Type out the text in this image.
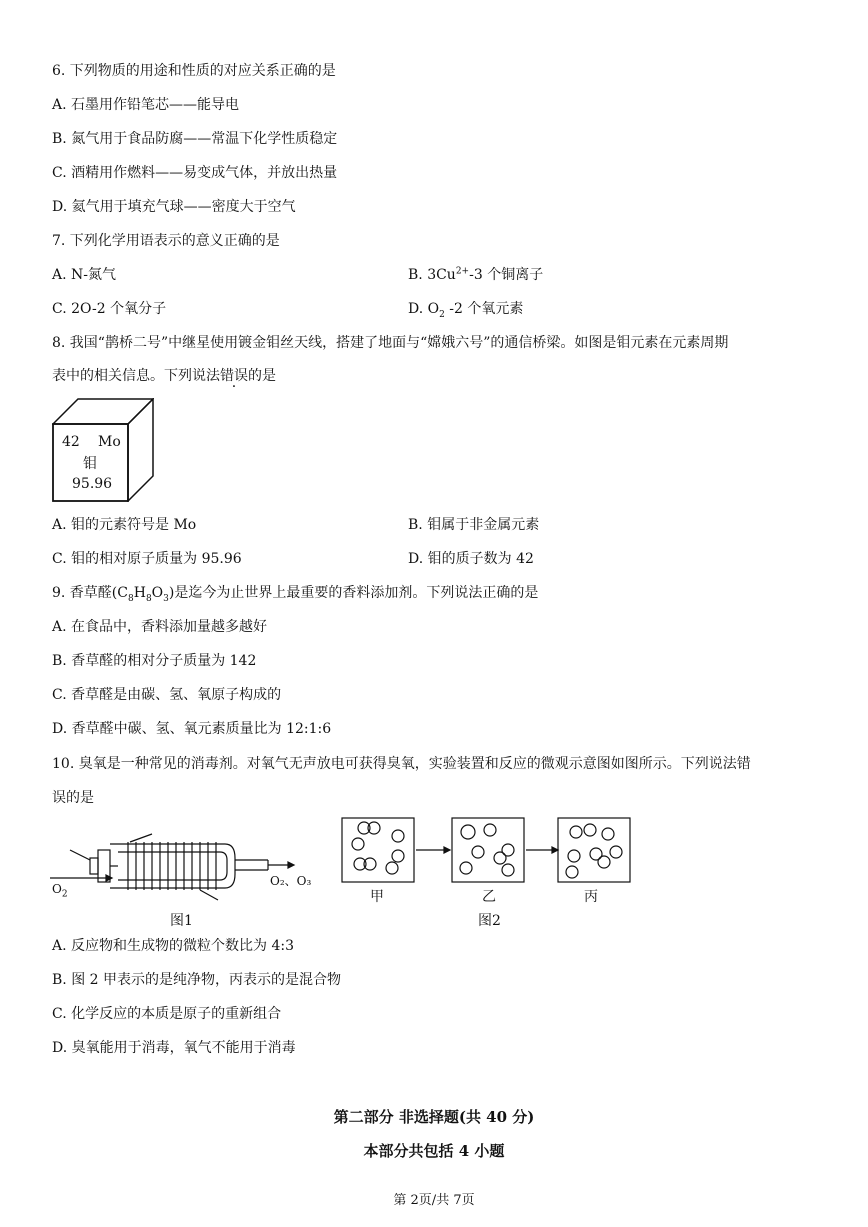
6. 下列物质的用途和性质的对应关系正确的是
A. 石墨用作铅笔芯——能导电
B. 氮气用于食品防腐——常温下化学性质稳定
C. 酒精用作燃料——易变成气体，并放出热量
D. 氦气用于填充气球——密度大于空气
7. 下列化学用语表示的意义正确的是
A. N-氮气	B. $3Cu^{2+}-3$ 个铜离子
C. 2O-2 个氧分子	D. $O_2$ -2 个氧元素
8. 我国“鹊桥二号”中继星使用镀金钼丝天线，搭建了地面与“嫦娥六号”的通信桥梁。如图是钼元素在元素周期
表中的相关信息。下列说法错误的是
42 Mo
钼
95.96
A. 钼的元素符号是 Mo	B. 钼属于非金属元素
C. 钼的相对原子质量为 95.96	D. 钼的质子数为 42
9. 香草醛$(C_8H_8O_3)$是迄今为止世界上最重要的香料添加剂。下列说法正确的是
A. 在食品中，香料添加量越多越好
B. 香草醛的相对分子质量为 142
C. 香草醛是由碳、氢、氧原子构成的
D. 香草醛中碳、氢、氧元素质量比为 12:1:6
10. 臭氧是一种常见的消毒剂。对氧气无声放电可获得臭氧，实验装置和反应的微观示意图如图所示。下列说法错
误的是
$O_2$
O₂、O₃
图1
甲	乙	丙
图2
A. 反应物和生成物的微粒个数比为 4:3
B. 图 2 甲表示的是纯净物，丙表示的是混合物
C. 化学反应的本质是原子的重新组合
D. 臭氧能用于消毒，氧气不能用于消毒
第二部分 非选择题(共 40 分)
本部分共包括 4 小题
第 2页/共 7页
